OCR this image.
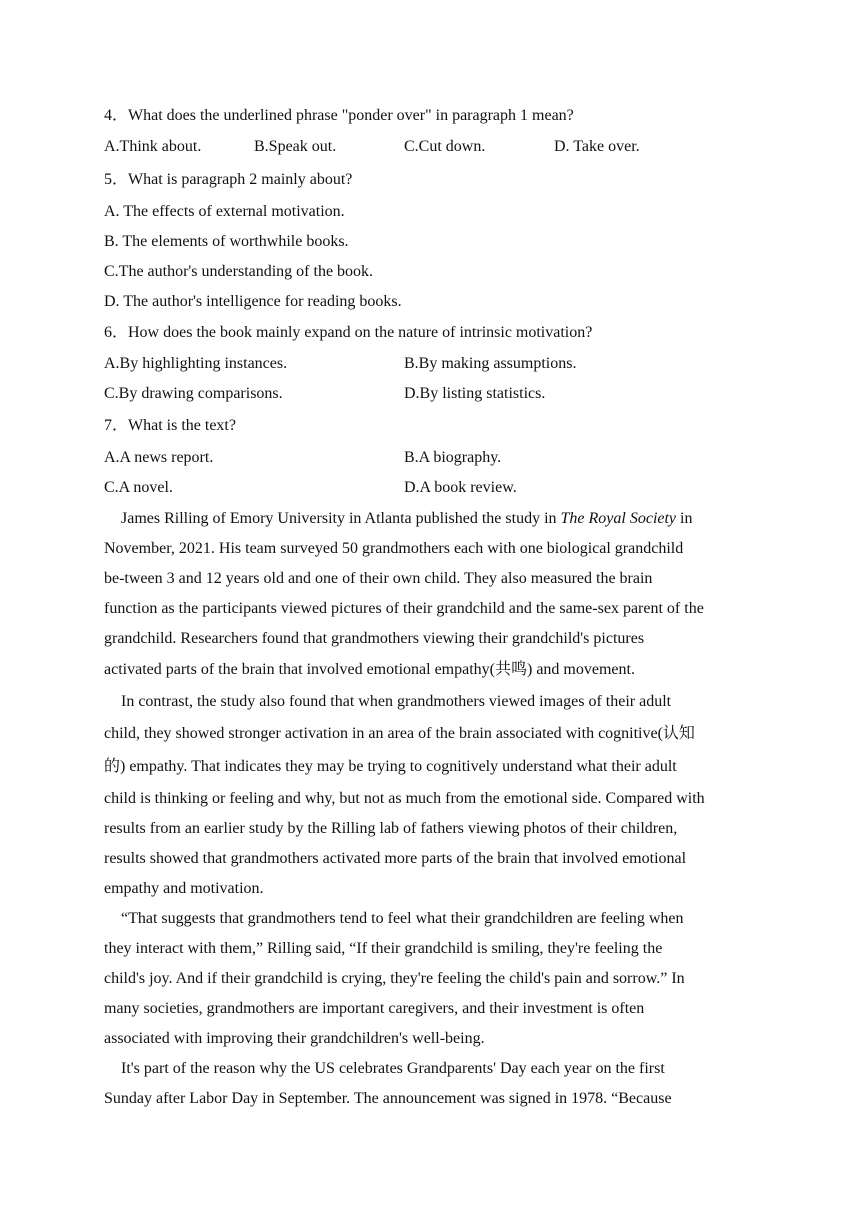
4．What does the underlined phrase "ponder over" in paragraph 1 mean?
A.Think about.	B.Speak out.	C.Cut down.	D. Take over.
5．What is paragraph 2 mainly about?
A. The effects of external motivation.
B. The elements of worthwhile books.
C.The author's understanding of the book.
D. The author's intelligence for reading books.
6．How does the book mainly expand on the nature of intrinsic motivation?
A.By highlighting instances.	B.By making assumptions.
C.By drawing comparisons.	D.By listing statistics.
7．What is the text?
A.A news report.	B.A biography.
C.A novel.	D.A book review.
James Rilling of Emory University in Atlanta published the study in The Royal Society in
November, 2021. His team surveyed 50 grandmothers each with one biological grandchild
be-tween 3 and 12 years old and one of their own child. They also measured the brain
function as the participants viewed pictures of their grandchild and the same-sex parent of the
grandchild. Researchers found that grandmothers viewing their grandchild's pictures
activated parts of the brain that involved emotional empathy(共鸣) and movement.
In contrast, the study also found that when grandmothers viewed images of their adult
child, they showed stronger activation in an area of the brain associated with cognitive(认知
的) empathy. That indicates they may be trying to cognitively understand what their adult
child is thinking or feeling and why, but not as much from the emotional side. Compared with
results from an earlier study by the Rilling lab of fathers viewing photos of their children,
results showed that grandmothers activated more parts of the brain that involved emotional
empathy and motivation.
“That suggests that grandmothers tend to feel what their grandchildren are feeling when
they interact with them,” Rilling said, “If their grandchild is smiling, they're feeling the
child's joy. And if their grandchild is crying, they're feeling the child's pain and sorrow.” In
many societies, grandmothers are important caregivers, and their investment is often
associated with improving their grandchildren's well-being.
It's part of the reason why the US celebrates Grandparents' Day each year on the first
Sunday after Labor Day in September. The announcement was signed in 1978. “Because
